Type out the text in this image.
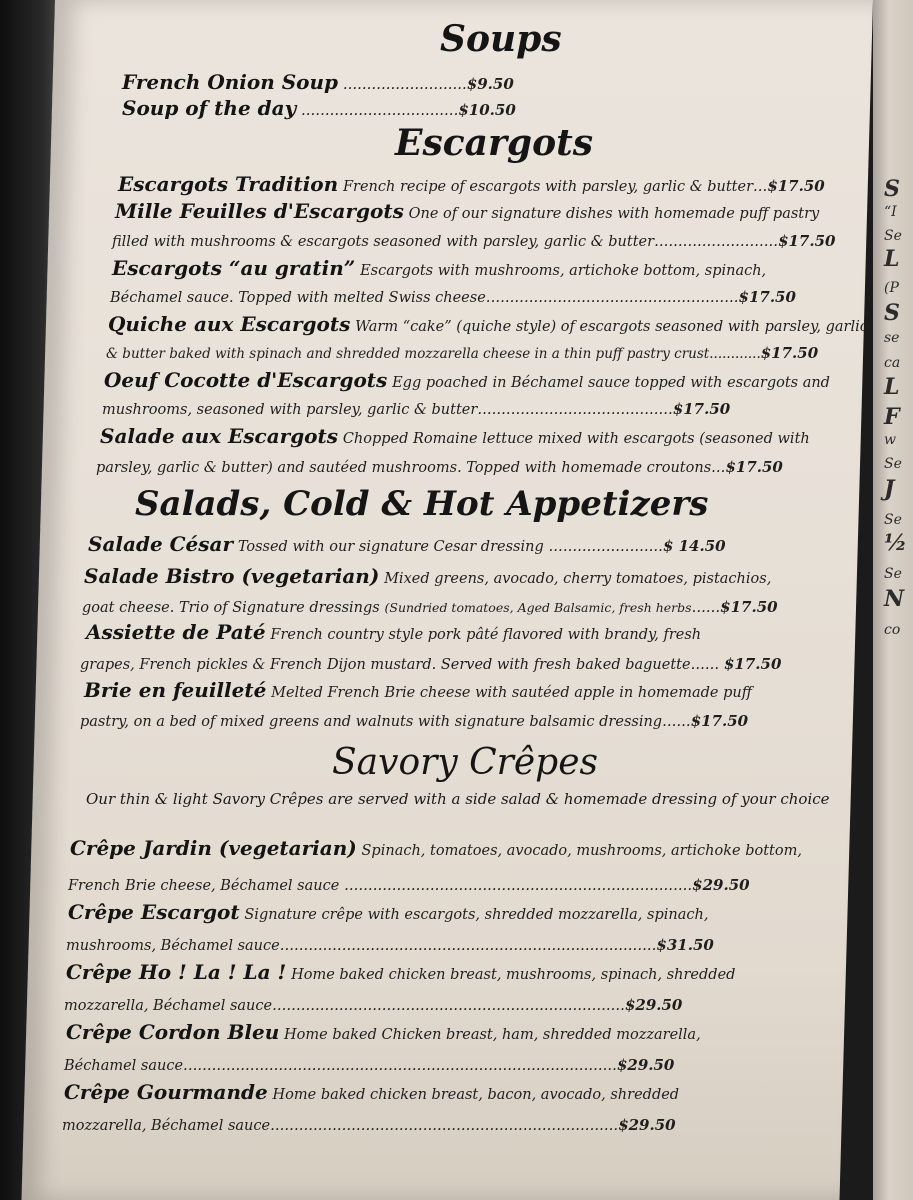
S
“I
Se
L
(P
S
se
ca
L
F
w
Se
J
Se
½
Se
N
co
Soups
French Onion Soup ..........................$9.50
Soup of the day .................................$10.50
Escargots
Escargots Tradition French recipe of escargots with parsley, garlic & butter...$17.50
Mille Feuilles d'Escargots One of our signature dishes with homemade puff pastry
filled with mushrooms & escargots seasoned with parsley, garlic & butter..........................$17.50
Escargots “au gratin” Escargots with mushrooms, artichoke bottom, spinach,
Béchamel sauce. Topped with melted Swiss cheese.....................................................$17.50
Quiche aux Escargots Warm “cake” (quiche style) of escargots seasoned with parsley, garlic
& butter baked with spinach and shredded mozzarella cheese in a thin puff pastry crust............$17.50
Oeuf Cocotte d'Escargots Egg poached in Béchamel sauce topped with escargots and
mushrooms, seasoned with parsley, garlic & butter.........................................$17.50
Salade aux Escargots Chopped Romaine lettuce mixed with escargots (seasoned with
parsley, garlic & butter) and sautéed mushrooms. Topped with homemade croutons...$17.50
Salads, Cold & Hot Appetizers
Salade César Tossed with our signature Cesar dressing ........................$ 14.50
Salade Bistro (vegetarian) Mixed greens, avocado, cherry tomatoes, pistachios,
goat cheese. Trio of Signature dressings (Sundried tomatoes, Aged Balsamic, fresh herbs......$17.50
Assiette de Paté French country style pork pâté flavored with brandy, fresh
grapes, French pickles & French Dijon mustard. Served with fresh baked baguette...... $17.50
Brie en feuilleté Melted French Brie cheese with sautéed apple in homemade puff
pastry, on a bed of mixed greens and walnuts with signature balsamic dressing......$17.50
Savory Crêpes
Our thin & light Savory Crêpes are served with a side salad & homemade dressing of your choice
Crêpe Jardin (vegetarian) Spinach, tomatoes, avocado, mushrooms, artichoke bottom,
French Brie cheese, Béchamel sauce .........................................................................$29.50
Crêpe Escargot Signature crêpe with escargots, shredded mozzarella, spinach,
mushrooms, Béchamel sauce...............................................................................$31.50
Crêpe Ho ! La ! La ! Home baked chicken breast, mushrooms, spinach, shredded
mozzarella, Béchamel sauce..........................................................................$29.50
Crêpe Cordon Bleu Home baked Chicken breast, ham, shredded mozzarella,
Béchamel sauce...........................................................................................$29.50
Crêpe Gourmande Home baked chicken breast, bacon, avocado, shredded
mozzarella, Béchamel sauce.........................................................................$29.50
